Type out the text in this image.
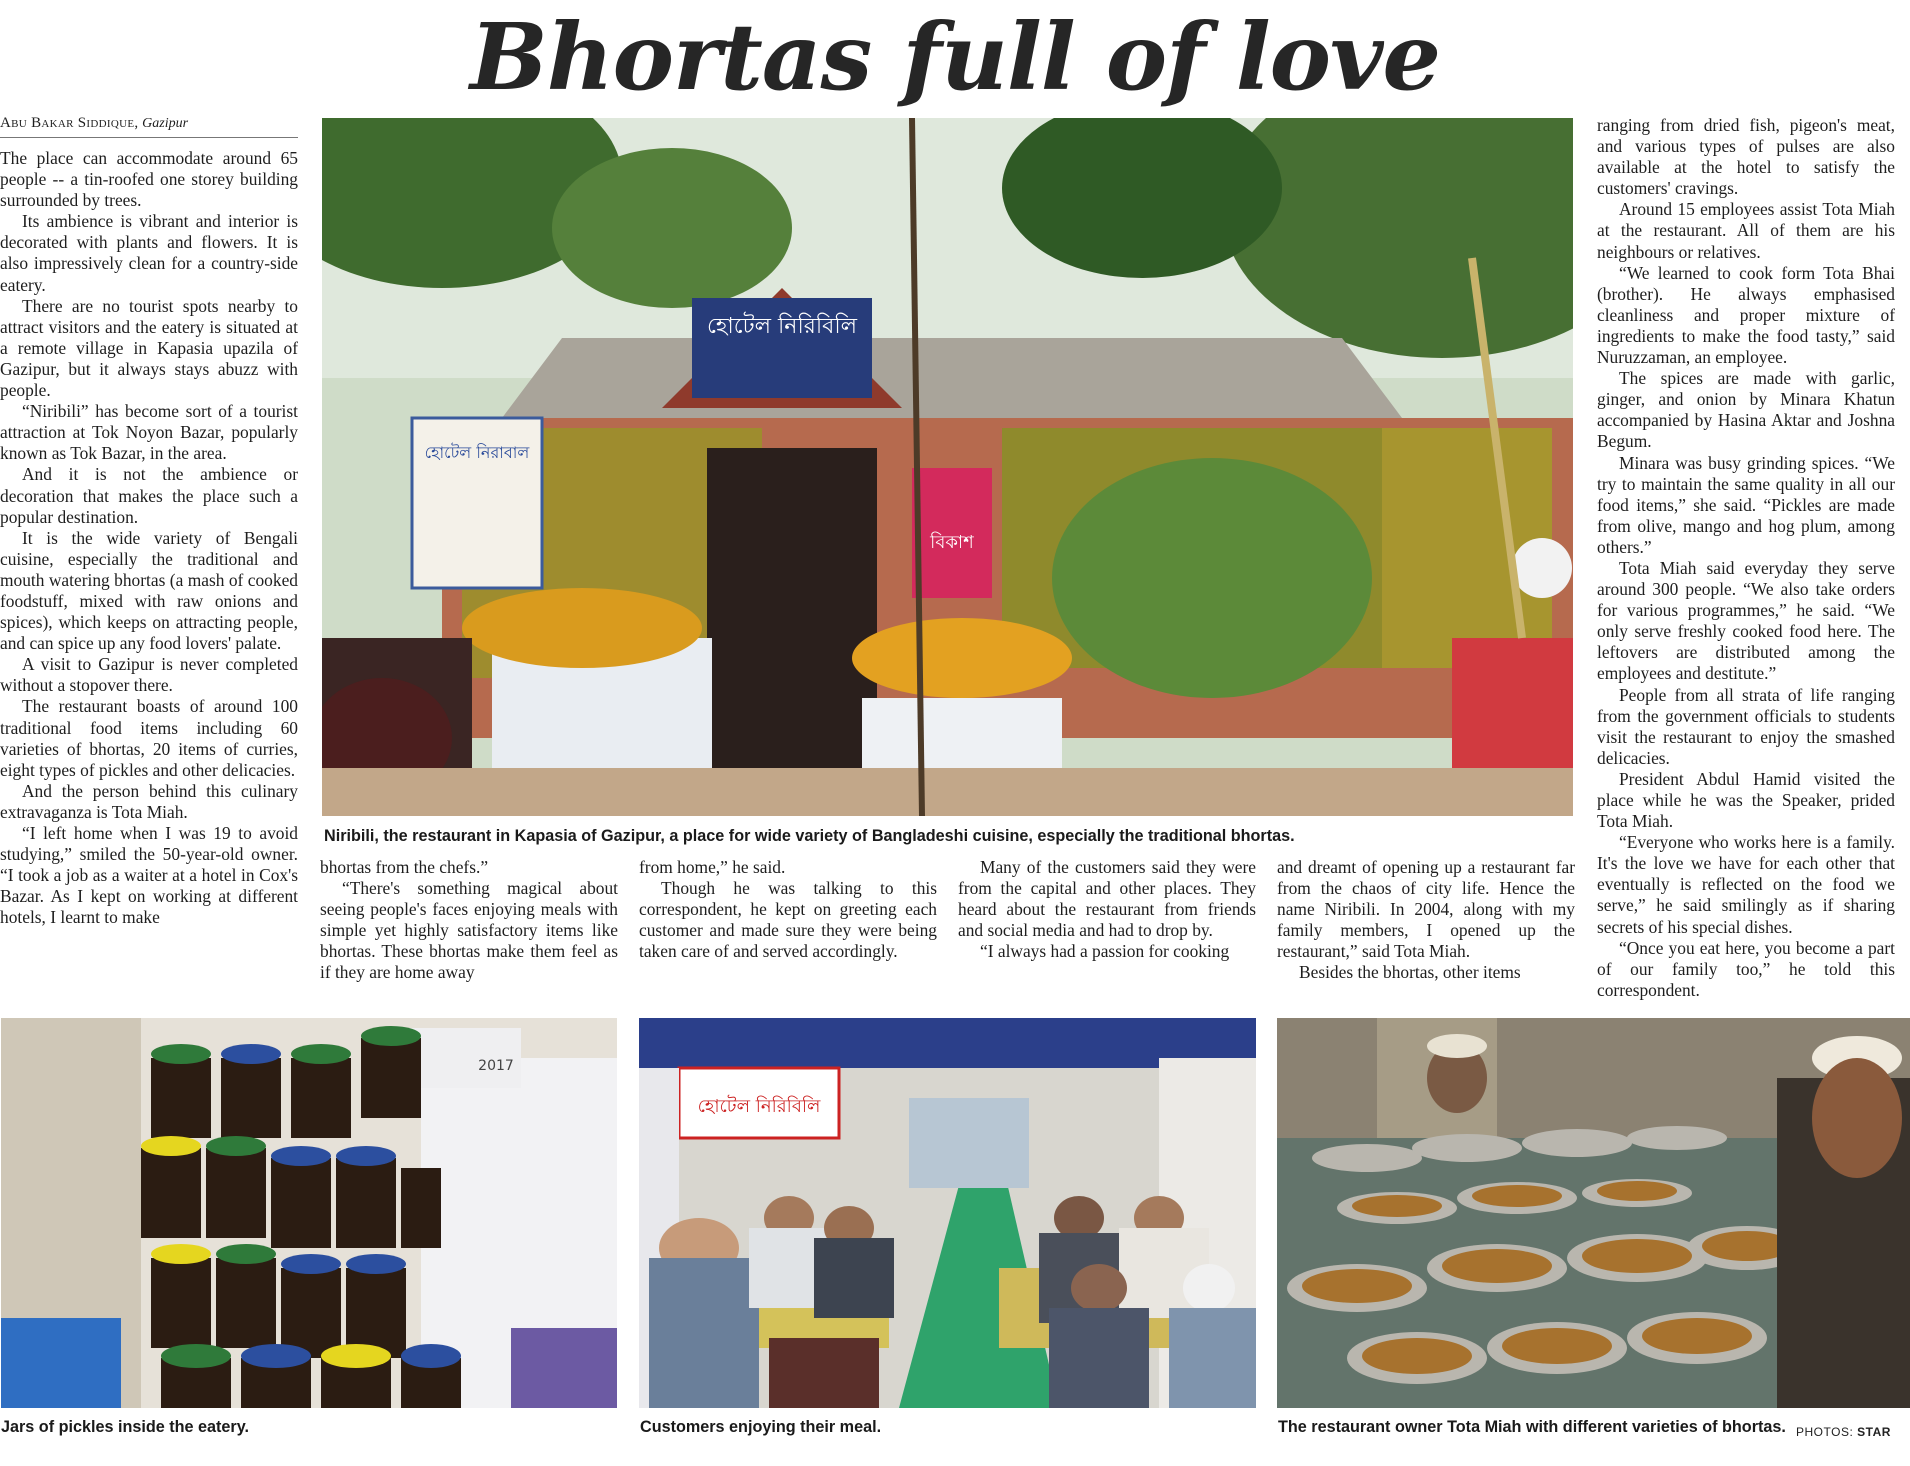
Bhortas full of love
Abu Bakar Siddique, Gazipur

The place can accommodate around 65 people -- a tin-roofed one storey building surrounded by trees.

Its ambience is vibrant and interior is decorated with plants and flowers. It is also impressively clean for a country-side eatery.

There are no tourist spots nearby to attract visitors and the eatery is situated at a remote village in Kapasia upazila of Gazipur, but it always stays abuzz with people.

“Niribili” has become sort of a tourist attraction at Tok Noyon Bazar, popularly known as Tok Bazar, in the area.

And it is not the ambience or decoration that makes the place such a popular destination.

It is the wide variety of Bengali cuisine, especially the traditional and mouth watering bhortas (a mash of cooked foodstuff, mixed with raw onions and spices), which keeps on attracting people, and can spice up any food lovers' palate.

A visit to Gazipur is never completed without a stopover there.

The restaurant boasts of around 100 traditional food items including 60 varieties of bhortas, 20 items of curries, eight types of pickles and other delicacies.

And the person behind this culinary extravaganza is Tota Miah.

“I left home when I was 19 to avoid studying,” smiled the 50-year-old owner. “I took a job as a waiter at a hotel in Cox's Bazar. As I kept on working at different hotels, I learnt to make

bhortas from the chefs.”

“There's something magical about seeing people's faces enjoying meals with simple yet highly satisfactory items like bhortas. These bhortas make them feel as if they are home away

from home,” he said.

Though he was talking to this correspondent, he kept on greeting each customer and made sure they were being taken care of and served accordingly.

Many of the customers said they were from the capital and other places. They heard about the restaurant from friends and social media and had to drop by.

“I always had a passion for cooking

and dreamt of opening up a restaurant far from the chaos of city life. Hence the name Niribili. In 2004, along with my family members, I opened up the restaurant,” said Tota Miah.

Besides the bhortas, other items

ranging from dried fish, pigeon's meat, and various types of pulses are also available at the hotel to satisfy the customers' cravings.

Around 15 employees assist Tota Miah at the restaurant. All of them are his neighbours or relatives.

“We learned to cook form Tota Bhai (brother). He always emphasised cleanliness and proper mixture of ingredients to make the food tasty,” said Nuruzzaman, an employee.

The spices are made with garlic, ginger, and onion by Minara Khatun accompanied by Hasina Aktar and Joshna Begum.

Minara was busy grinding spices. “We try to maintain the same quality in all our food items,” she said. “Pickles are made from olive, mango and hog plum, among others.”

Tota Miah said everyday they serve around 300 people. “We also take orders for various programmes,” he said. “We only serve freshly cooked food here. The leftovers are distributed among the employees and destitute.”

People from all strata of life ranging from the government officials to students visit the restaurant to enjoy the smashed delicacies.

President Abdul Hamid visited the place while he was the Speaker, prided Tota Miah.

“Everyone who works here is a family. It's the love we have for each other that eventually is reflected on the food we serve,” he said smilingly as if sharing secrets of his special dishes.

“Once you eat here, you become a part of our family too,” he told this correspondent.

হোটেল নিরিবিলি
হোটেল নিরাবাল
বিকাশ
Niribili, the restaurant in Kapasia of Gazipur, a place for wide variety of Bangladeshi cuisine, especially the traditional bhortas.
2017
Jars of pickles inside the eatery.
হোটেল নিরিবিলি
Customers enjoying their meal.	The restaurant owner Tota Miah with different varieties of bhortas. PHOTOS: STAR
